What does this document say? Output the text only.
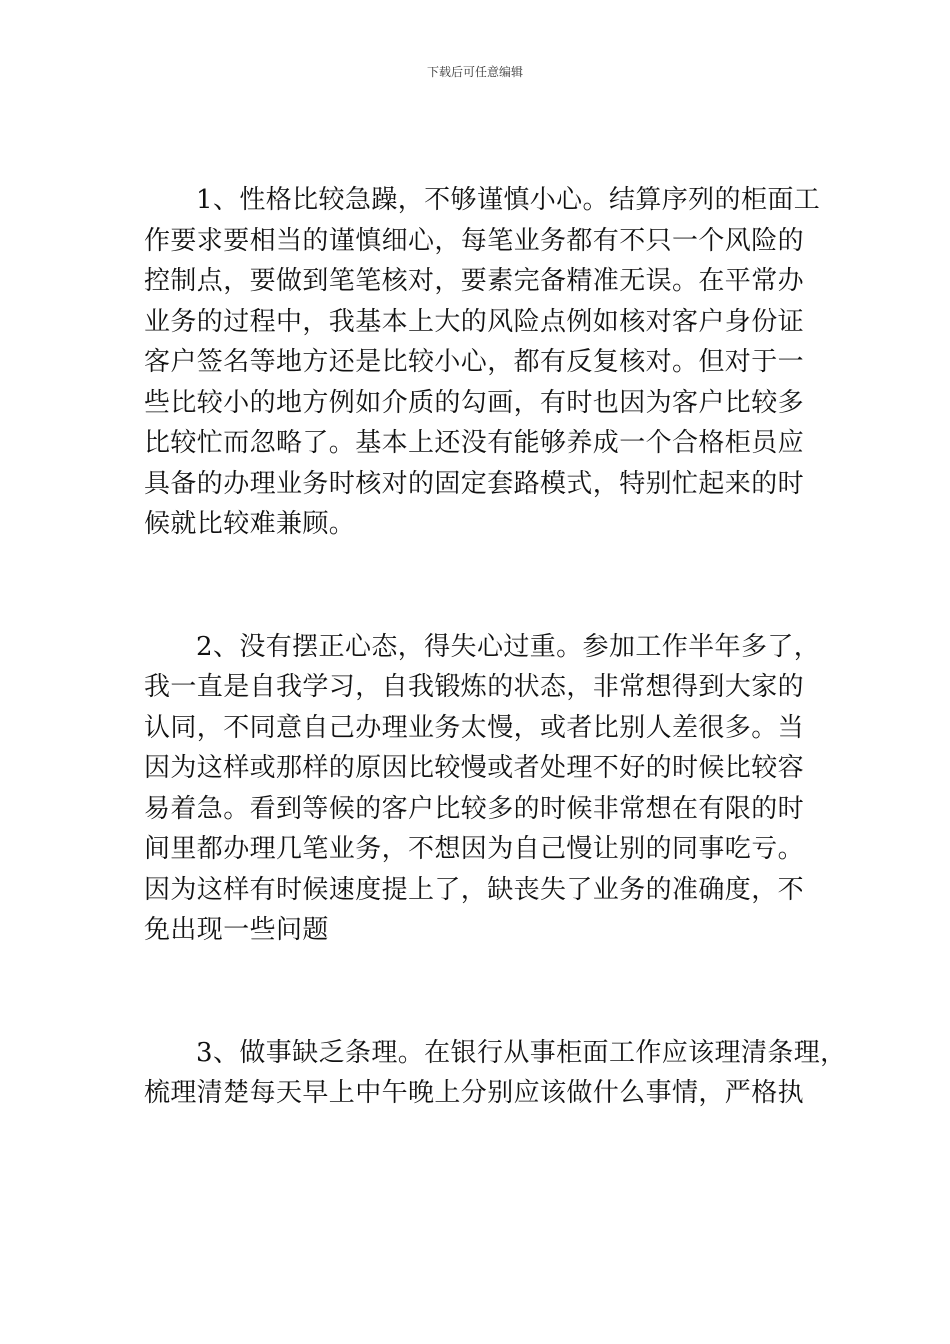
下载后可任意编辑
1、性格比较急躁，不够谨慎小心。结算序列的柜面工
作要求要相当的谨慎细心，每笔业务都有不只一个风险的
控制点，要做到笔笔核对，要素完备精准无误。在平常办
业务的过程中，我基本上大的风险点例如核对客户身份证
客户签名等地方还是比较小心，都有反复核对。但对于一
些比较小的地方例如介质的勾画，有时也因为客户比较多
比较忙而忽略了。基本上还没有能够养成一个合格柜员应
具备的办理业务时核对的固定套路模式，特别忙起来的时
候就比较难兼顾。
2、没有摆正心态，得失心过重。参加工作半年多了，
我一直是自我学习，自我锻炼的状态，非常想得到大家的
认同，不同意自己办理业务太慢，或者比别人差很多。当
因为这样或那样的原因比较慢或者处理不好的时候比较容
易着急。看到等候的客户比较多的时候非常想在有限的时
间里都办理几笔业务，不想因为自己慢让别的同事吃亏。
因为这样有时候速度提上了，缺丧失了业务的准确度，不
免出现一些问题
3、做事缺乏条理。在银行从事柜面工作应该理清条理，
梳理清楚每天早上中午晚上分别应该做什么事情，严格执
